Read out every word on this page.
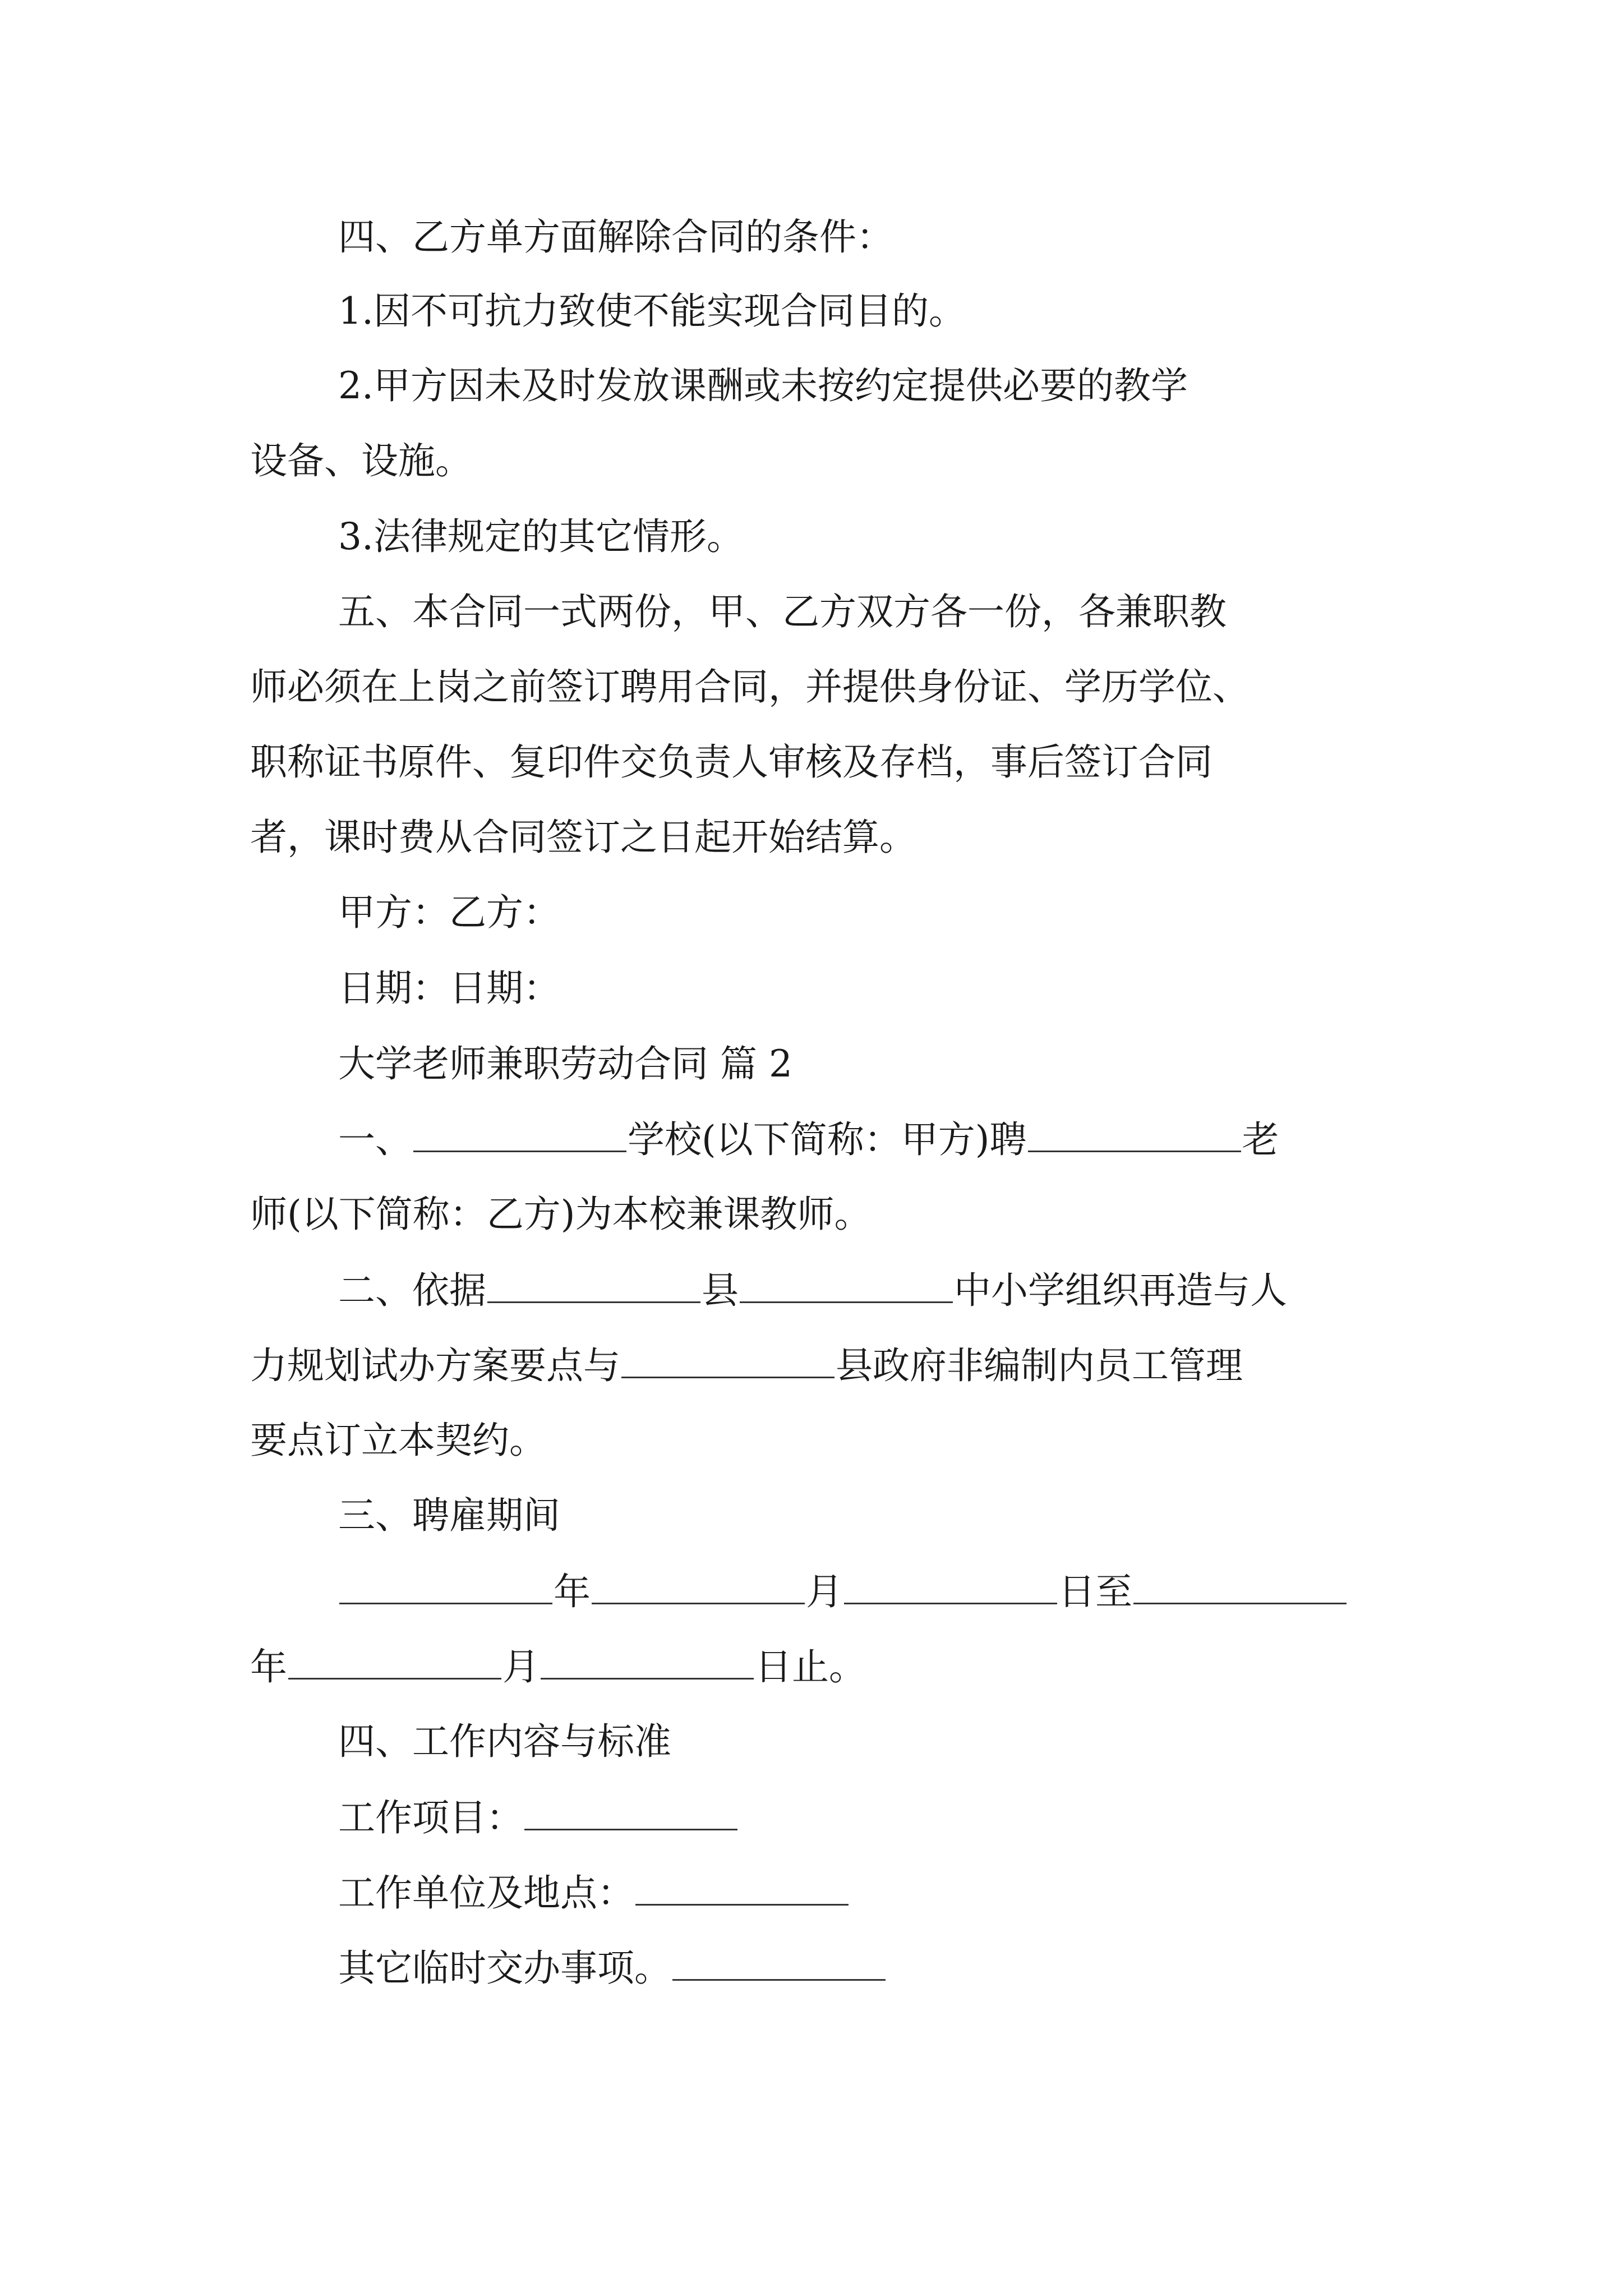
四、乙方单方面解除合同的条件：
1.因不可抗力致使不能实现合同目的。
2.甲方因未及时发放课酬或未按约定提供必要的教学
设备、设施。
3.法律规定的其它情形。
五、本合同一式两份，甲、乙方双方各一份，各兼职教
师必须在上岗之前签订聘用合同，并提供身份证、学历学位、
职称证书原件、复印件交负责人审核及存档，事后签订合同
者，课时费从合同签订之日起开始结算。
甲方：乙方：
日期：日期：
大学老师兼职劳动合同 篇 2
一、	学校(以下简称：甲方)聘	老
师(以下简称：乙方)为本校兼课教师。
二、依据	县	中小学组织再造与人
力规划试办方案要点与	县政府非编制内员工管理
要点订立本契约。
三、聘雇期间
年	月	日至
年	月	日止。
四、工作内容与标准
工作项目：
工作单位及地点：
其它临时交办事项。
